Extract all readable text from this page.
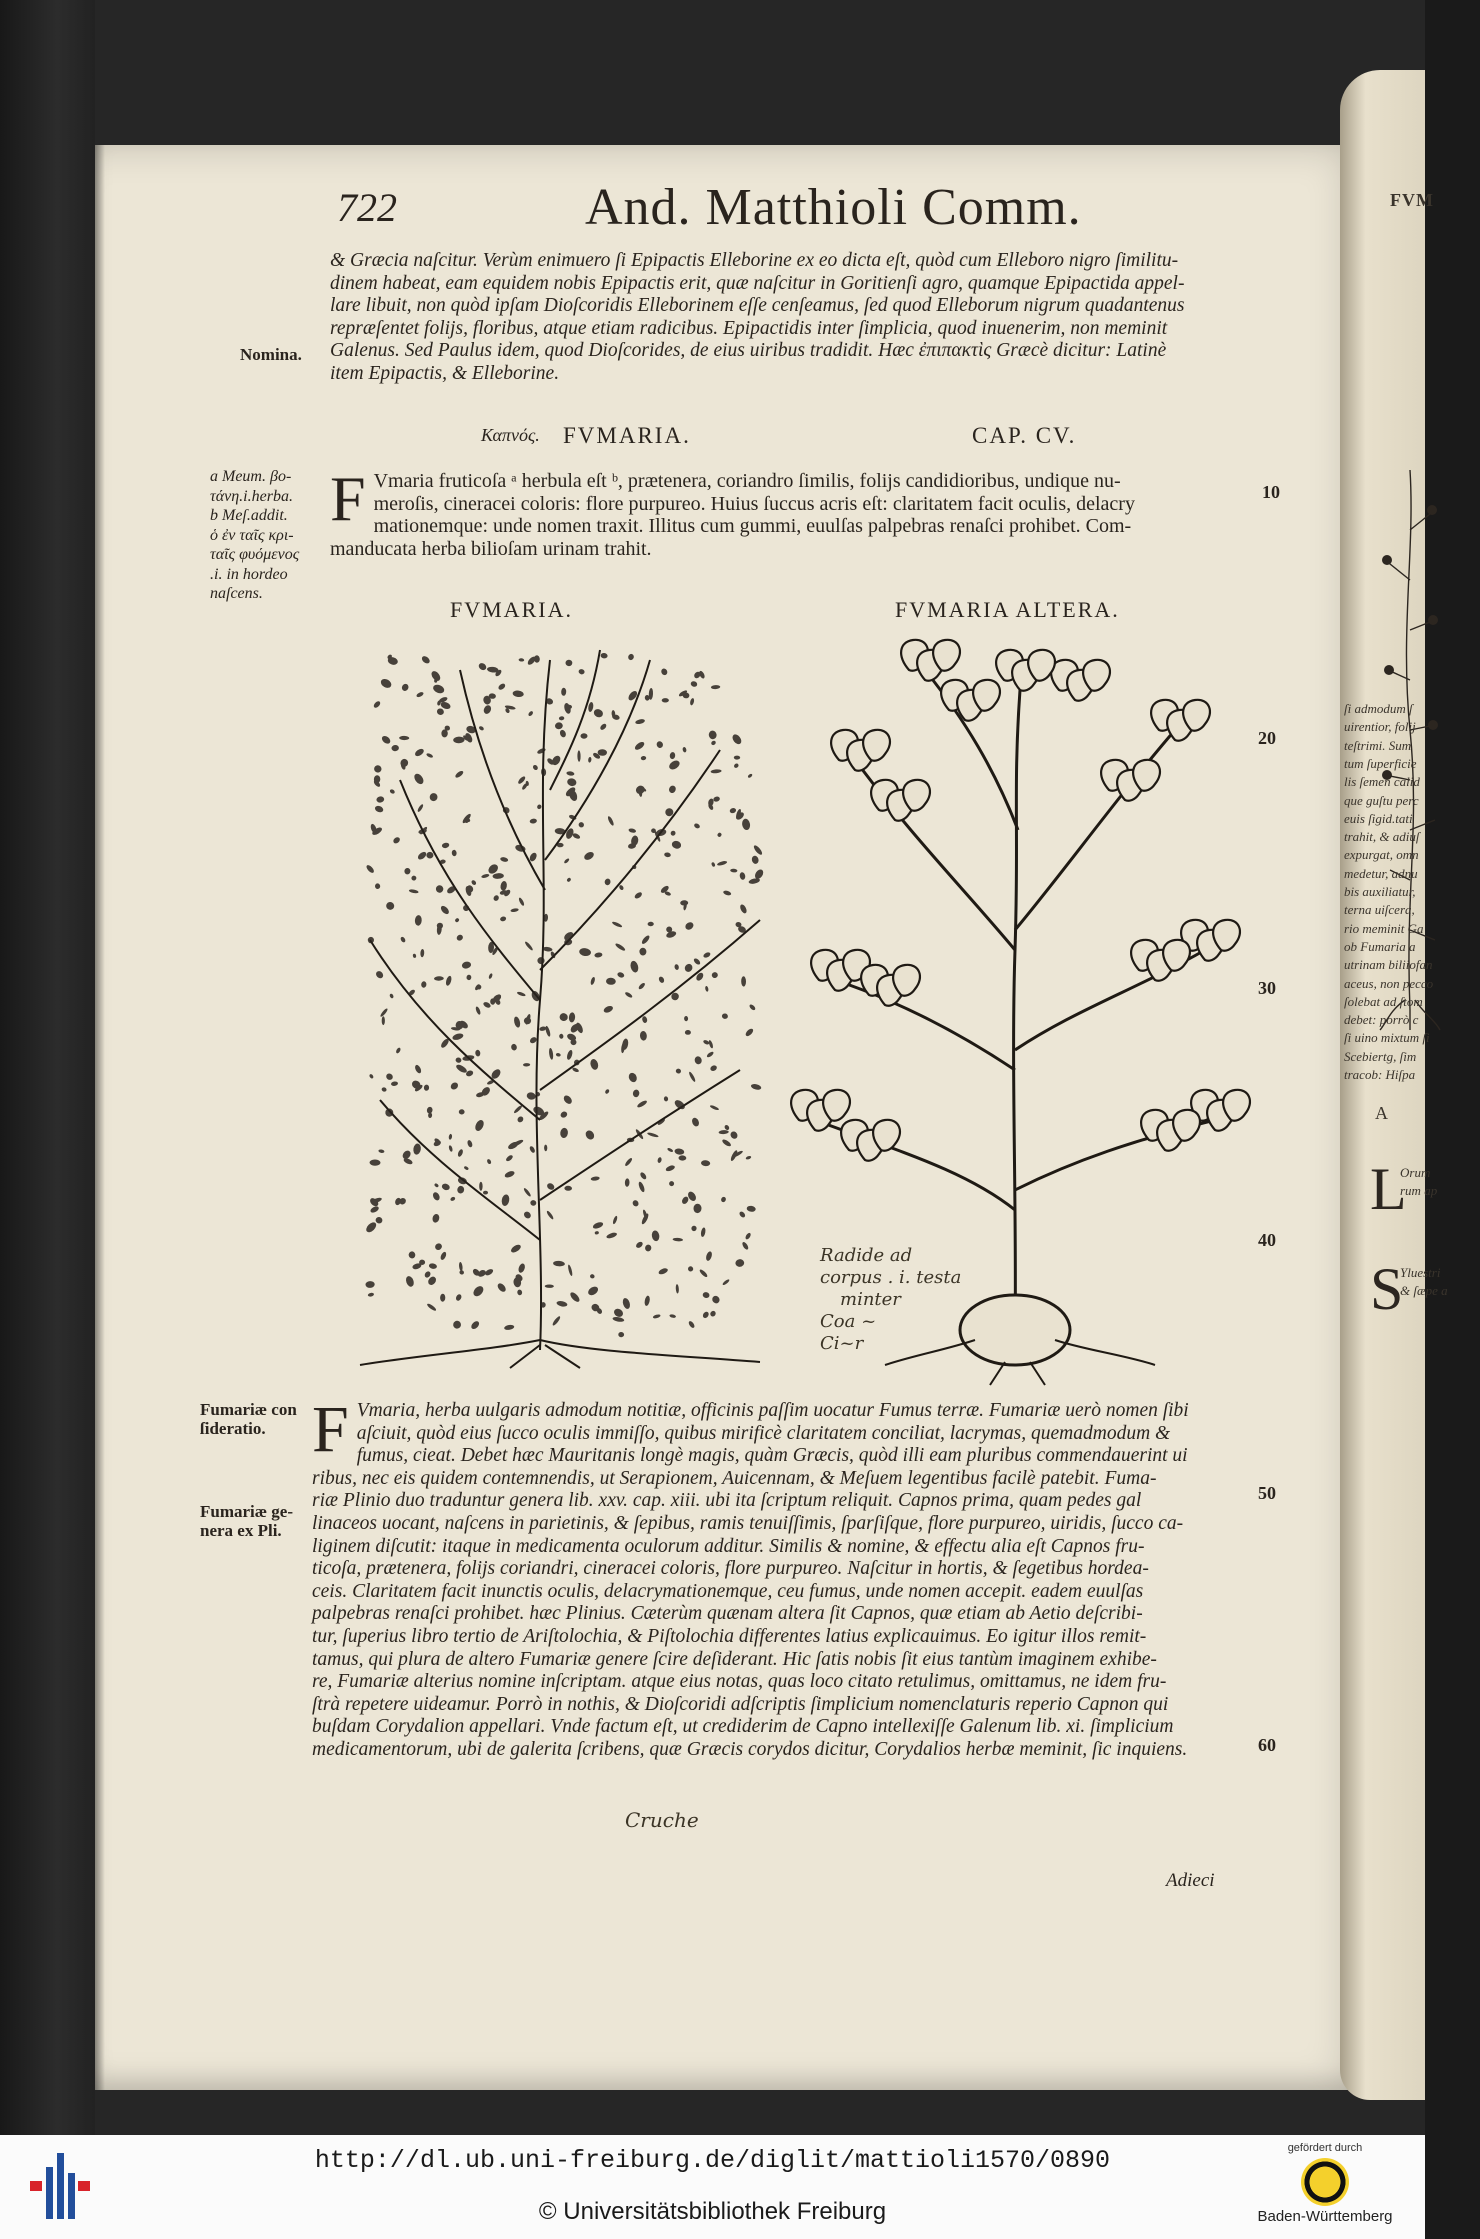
FVM
ſi admodum ſ
uirentior, folij
teſtrimi. Sum
tum ſuperficie
lis ſemen calid
que guſtu perc
euis ſigid.tati
trahit, & adiuſ
expurgat, omn
medetur, adnu
bis auxiliatur,
terna uiſcera,
rio meminit Ga
ob Fumaria a
utrinam biliiofan
aceus, non pecco
ſolebat ad ſtom
debet: porrò c
ſi uino mixtum ſi
Scebiertg, ſim
tracob: Hiſpa
A
L
Orum
rum ap
S
Yluestri
& ſæpe a
722	And. Matthioli Comm.

& Græcia naſcitur. Verùm enimuero ſi Epipactis Elleborine ex eo dicta eſt, quòd cum Elleboro nigro ſimilitu-

dinem habeat, eam equidem nobis Epipactis erit, quæ naſcitur in Goritienſi agro, quamque Epipactida appel-

lare libuit, non quòd ipſam Dioſcoridis Elleborinem eſſe cenſeamus, ſed quod Elleborum nigrum quadantenus

repræſentet folijs, floribus, atque etiam radicibus. Epipactidis inter ſimplicia, quod inuenerim, non meminit

Galenus. Sed Paulus idem, quod Dioſcorides, de eius uiribus tradidit. Hæc ἐπιπακτὶς Græcè dicitur: Latinè

item Epipactis, & Elleborine.

Nomina.
Καπνός. FVMARIA.	CAP. CV.
a Meum. βο-
τάνη.i.herba.
b Meſ.addit.
ὁ ἐν ταῖς κρι-
ταῖς φυόμενος
.i. in hordeo
naſcens.
F Vmaria fruticoſa ᵃ herbula eſt ᵇ, prætenera, coriandro ſimilis, folijs candidioribus, undique nu-
meroſis, cineracei coloris: flore purpureo. Huius ſuccus acris eſt: claritatem facit oculis, delacry
mationemque: unde nomen traxit. Illitus cum gummi, euulſas palpebras renaſci prohibet. Com-
manducata herba bilioſam urinam trahit.
10
20
30
40
50
60
FVMARIA.	FVMARIA ALTERA.
Radide ad
corpus . i. testa
minter
Coa ~
Ci~r
Fumariæ con
ſideratio.
Fumariæ ge-
nera ex Pli.
F Vmaria, herba uulgaris admodum notitiæ, officinis paſſim uocatur Fumus terræ. Fumariæ uerò nomen ſibi

aſciuit, quòd eius ſucco oculis immiſſo, quibus mirificè claritatem conciliat, lacrymas, quemadmodum &

fumus, cieat. Debet hæc Mauritanis longè magis, quàm Græcis, quòd illi eam pluribus commendauerint ui

ribus, nec eis quidem contemnendis, ut Serapionem, Auicennam, & Meſuem legentibus facilè patebit. Fuma-

riæ Plinio duo traduntur genera lib. xxv. cap. xiii. ubi ita ſcriptum reliquit. Capnos prima, quam pedes gal

linaceos uocant, naſcens in parietinis, & ſepibus, ramis tenuiſſimis, ſparſiſque, flore purpureo, uiridis, ſucco ca-

liginem diſcutit: itaque in medicamenta oculorum additur. Similis & nomine, & effectu alia eſt Capnos fru-

ticoſa, prætenera, folijs coriandri, cineracei coloris, flore purpureo. Naſcitur in hortis, & ſegetibus hordea-

ceis. Claritatem facit inunctis oculis, delacrymationemque, ceu fumus, unde nomen accepit. eadem euulſas

palpebras renaſci prohibet. hæc Plinius. Cæterùm quænam altera ſit Capnos, quæ etiam ab Aetio deſcribi-

tur, ſuperius libro tertio de Ariſtolochia, & Piſtolochia differentes latius explicauimus. Eo igitur illos remit-

tamus, qui plura de altero Fumariæ genere ſcire deſiderant. Hic ſatis nobis ſit eius tantùm imaginem exhibe-

re, Fumariæ alterius nomine inſcriptam. atque eius notas, quas loco citato retulimus, omittamus, ne idem fru-

ſtrà repetere uideamur. Porrò in nothis, & Dioſcoridi adſcriptis ſimplicium nomenclaturis reperio Capnon qui

buſdam Corydalion appellari. Vnde factum eſt, ut crediderim de Capno intellexiſſe Galenum lib. xi. ſimplicium

medicamentorum, ubi de galerita ſcribens, quæ Græcis corydos dicitur, Corydalios herbæ meminit, ſic inquiens.

Cruche
Adieci
http://dl.ub.uni-freiburg.de/diglit/mattioli1570/0890
© Universitätsbibliothek Freiburg
gefördert durch
Baden-Württemberg
